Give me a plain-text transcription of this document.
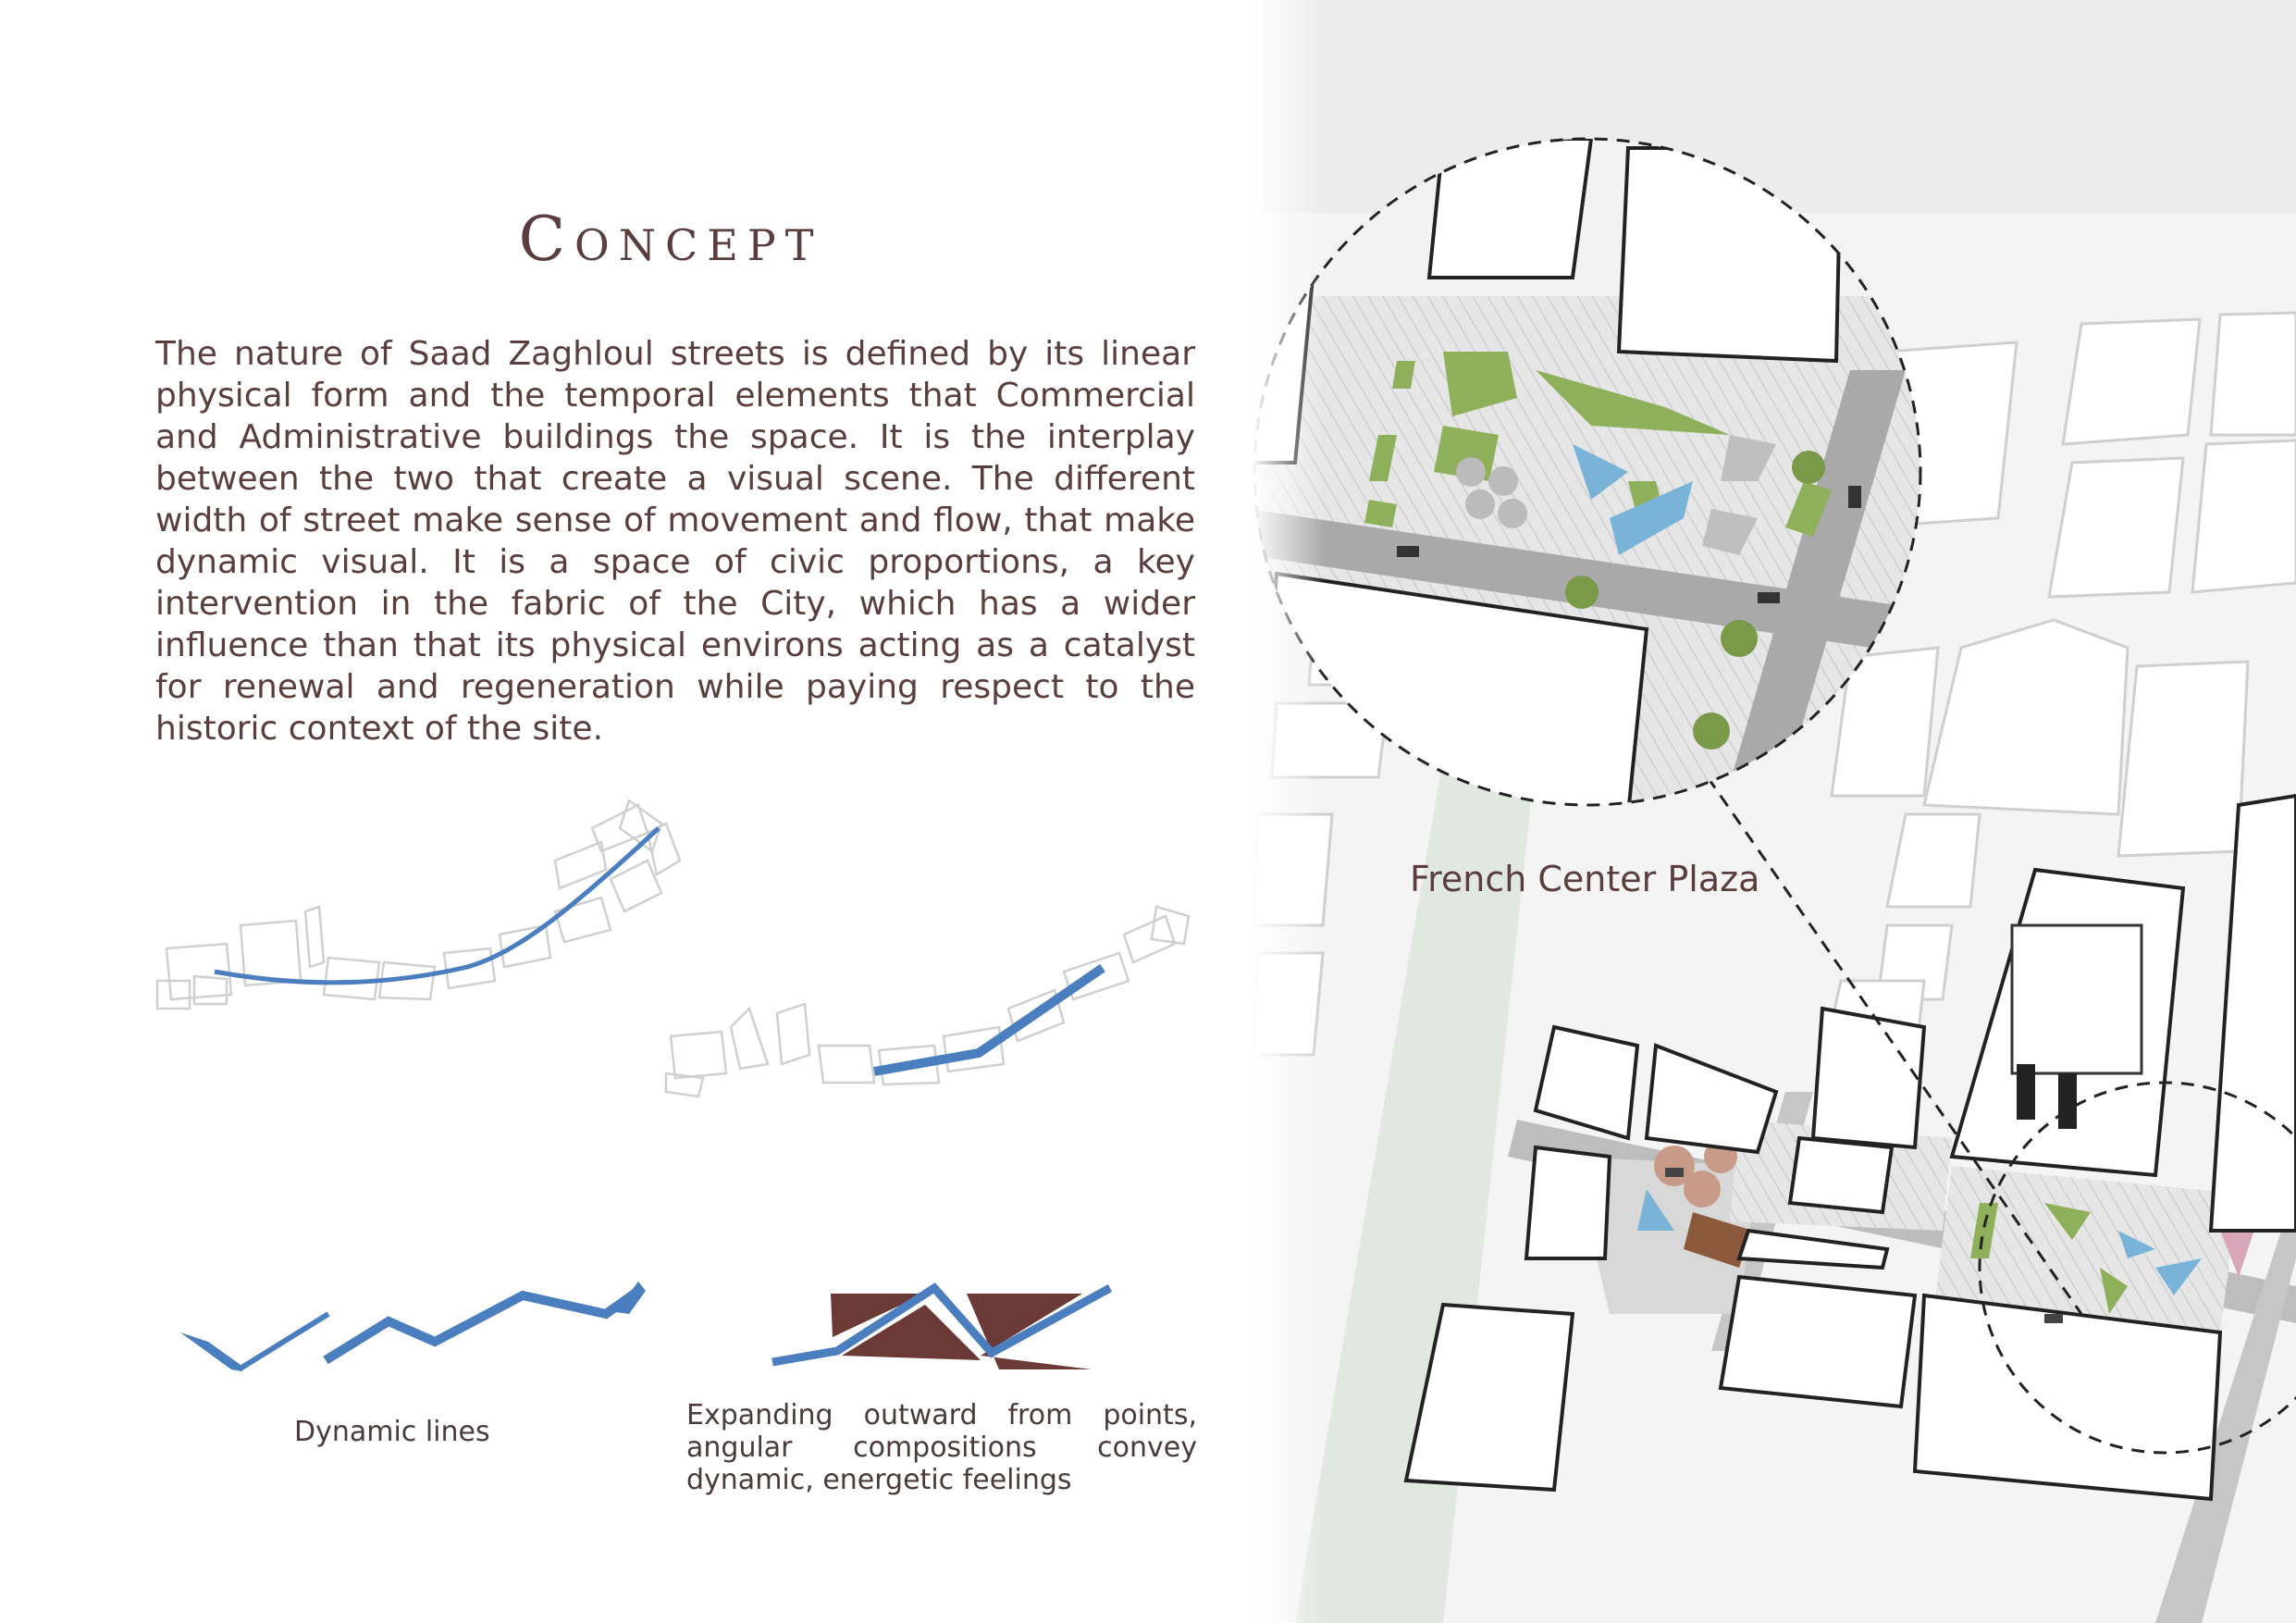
Concept
The nature of Saad Zaghloul streets is defined by its linear physical form and the temporal elements that Commercial and Administrative buildings the space. It is the interplay between the two that create a visual scene. The different width of street make sense of movement and flow, that make dynamic visual. It is a space of civic proportions, a key intervention in the fabric of the City, which has a wider influence than that its physical environs acting as a catalyst for renewal and regeneration while paying respect to the historic context of the site.
Dynamic lines
Expanding outward from points, angular compositions convey dynamic, energetic feelings
French Center Plaza
